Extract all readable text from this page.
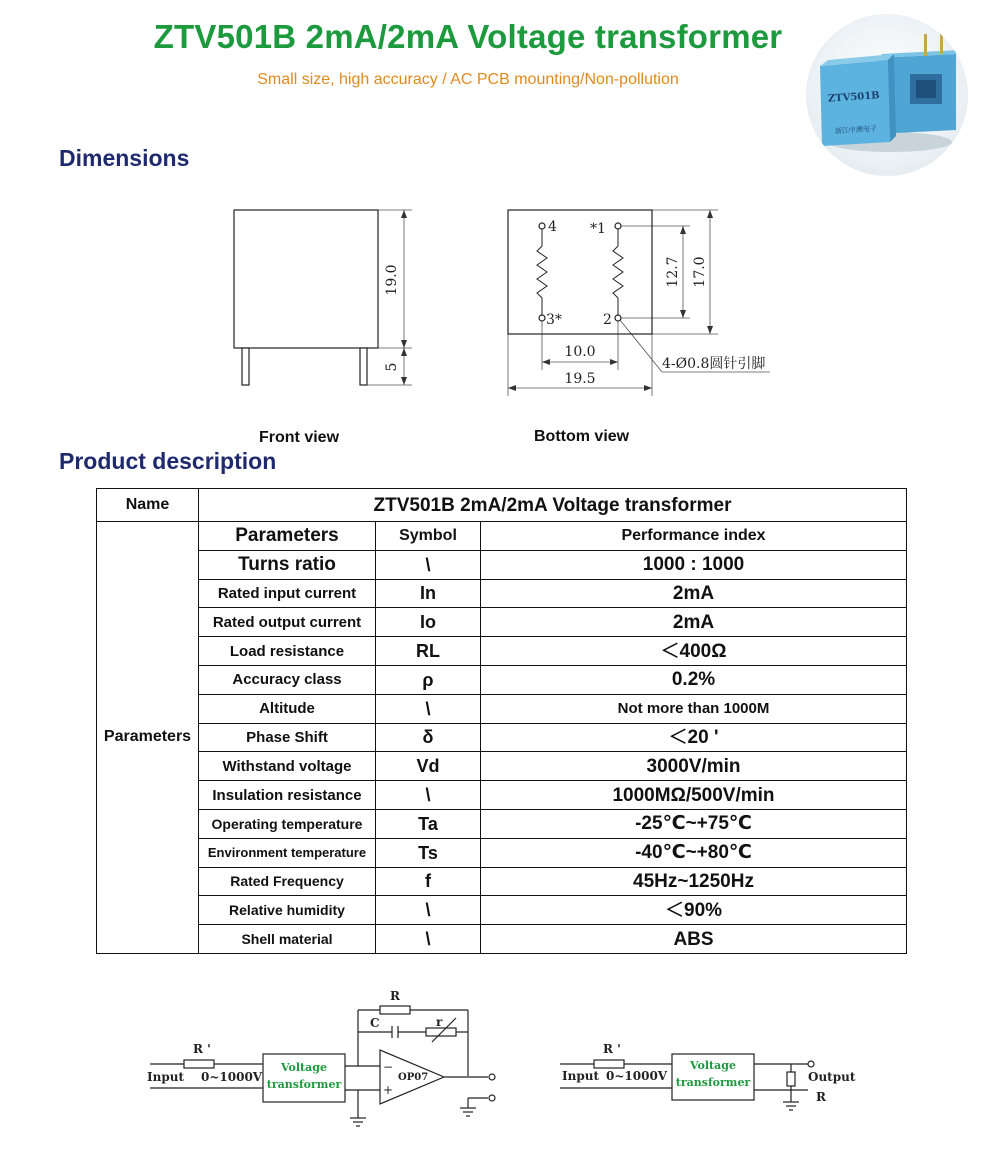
ZTV501B 2mA/2mA Voltage transformer
Small size, high accuracy / AC PCB mounting/Non-pollution
ZTV501B
浙江中澳电子
Dimensions
19.0
5
4 *1
3*	2
12.7 17.0
10.0
19.5
4-Ø0.8圆针引脚
Front view	Bottom view
Product description
Name	ZTV501B 2mA/2mA Voltage transformer		
Parameters	Parameters	Symbol	Performance index
	Turns ratio	\	1000 : 1000
	Rated input current	In	2mA
	Rated output current	Io	2mA
	Load resistance	RL	＜400Ω
	Accuracy class	ρ	0.2%
	Altitude	\	Not more than 1000M
	Phase Shift	δ	＜20 '
	Withstand voltage	Vd	3000V/min
	Insulation resistance	\	1000MΩ/500V/min
	Operating temperature	Ta	-25℃~+75℃
	Environment temperature	Ts	-40℃~+80℃
	Rated Frequency	f	45Hz~1250Hz
	Relative humidity	\	＜90%
	Shell material	\	ABS
R '
Input 0~1000V
R
C	r
OP07
−
+
Voltage
transformer
R '
Input 0~1000V	Output
R
Voltage
transformer
